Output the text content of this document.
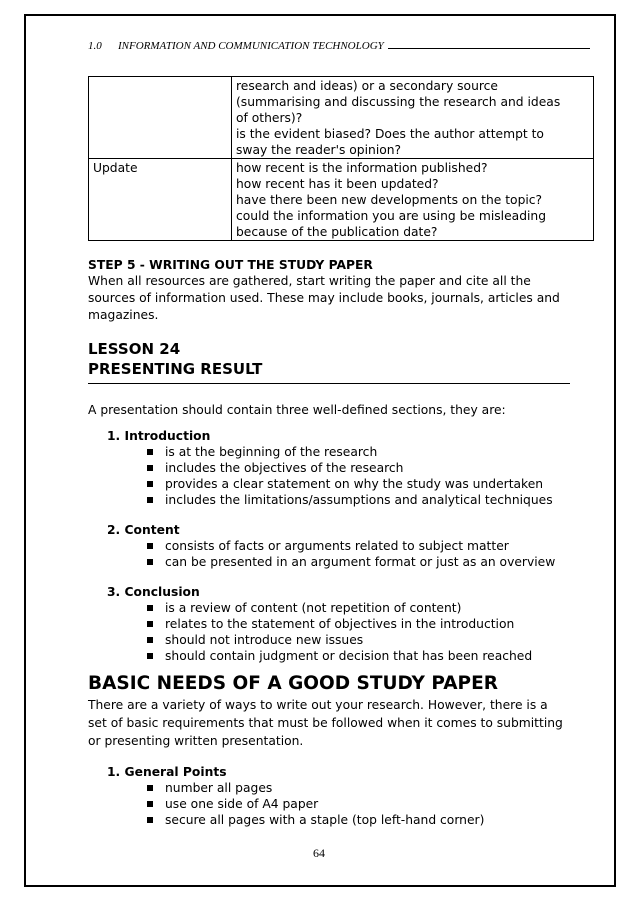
1.0	INFORMATION AND COMMUNICATION TECHNOLOGY

	research and ideas) or a secondary source
(summarising and discussing the research and ideas
of others)?
is the evident biased? Does the author attempt to
sway the reader's opinion?

Update	how recent is the information published?
how recent has it been updated?
have there been new developments on the topic?
could the information you are using be misleading
because of the publication date?
STEP 5 - WRITING OUT THE STUDY PAPER

When all resources are gathered, start writing the paper and cite all the
sources of information used. These may include books, journals, articles and
magazines.

LESSON 24
PRESENTING RESULT

A presentation should contain three well-defined sections, they are:

1. Introduction
is at the beginning of the research
includes the objectives of the research
provides a clear statement on why the study was undertaken
includes the limitations/assumptions and analytical techniques
2. Content
consists of facts or arguments related to subject matter
can be presented in an argument format or just as an overview
3. Conclusion
is a review of content (not repetition of content)
relates to the statement of objectives in the introduction
should not introduce new issues
should contain judgment or decision that has been reached
BASIC NEEDS OF A GOOD STUDY PAPER

There are a variety of ways to write out your research. However, there is a
set of basic requirements that must be followed when it comes to submitting
or presenting written presentation.

1. General Points
number all pages
use one side of A4 paper
secure all pages with a staple (top left-hand corner)
64
